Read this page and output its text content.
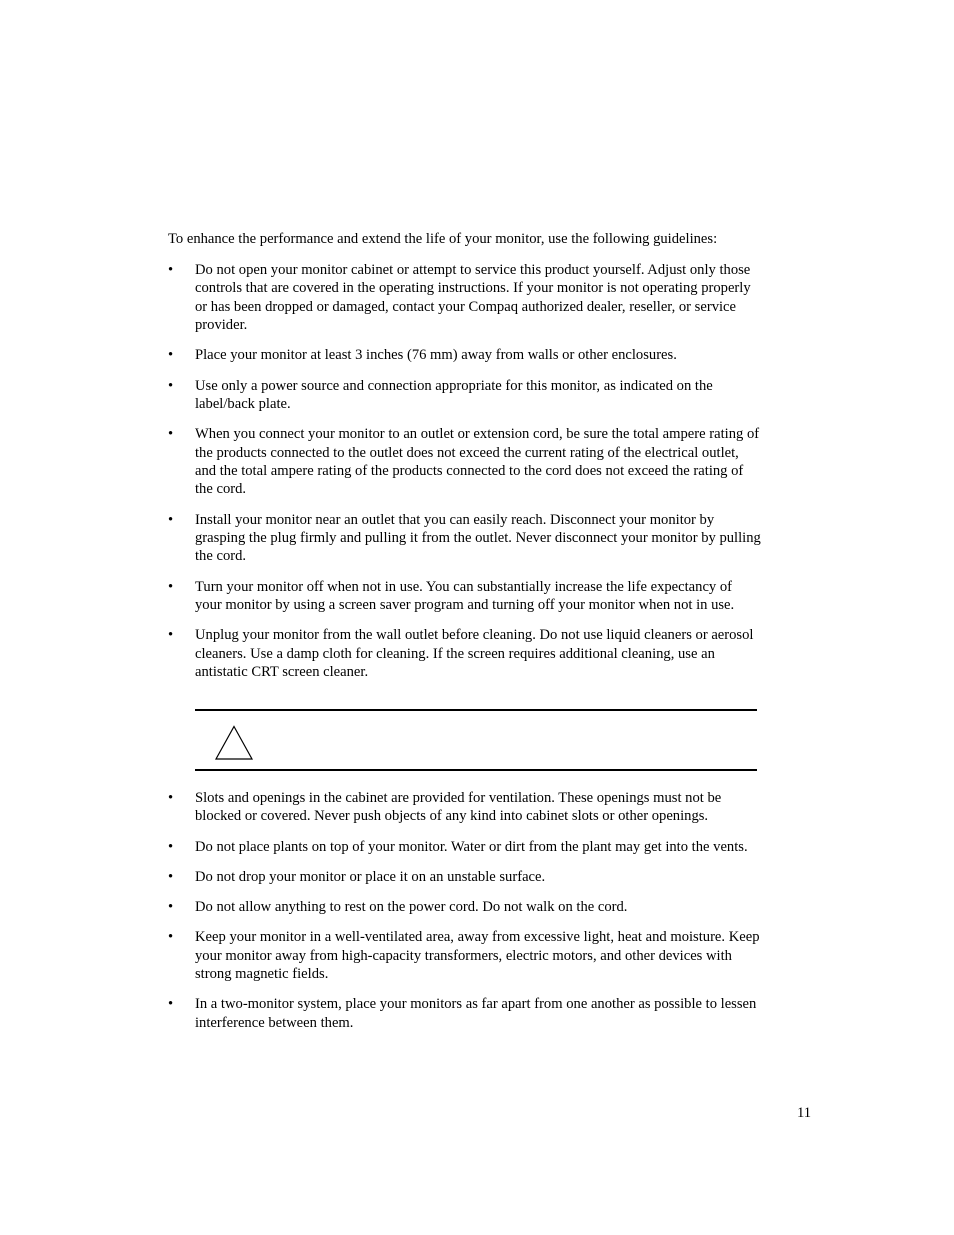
To enhance the performance and extend the life of your monitor, use the following guidelines:

•	Do not open your monitor cabinet or attempt to service this product yourself. Adjust only those controls that are covered in the operating instructions. If your monitor is not operating properly or has been dropped or damaged, contact your Compaq authorized dealer, reseller, or service provider.
•	Place your monitor at least 3 inches (76 mm) away from walls or other enclosures.
•	Use only a power source and connection appropriate for this monitor, as indicated on the label/back plate.
•	When you connect your monitor to an outlet or extension cord, be sure the total ampere rating of the products connected to the outlet does not exceed the current rating of the electrical outlet, and the total ampere rating of the products connected to the cord does not exceed the rating of the cord.
•	Install your monitor near an outlet that you can easily reach. Disconnect your monitor by grasping the plug firmly and pulling it from the outlet. Never disconnect your monitor by pulling the cord.
•	Turn your monitor off when not in use. You can substantially increase the life expectancy of your monitor by using a screen saver program and turning off your monitor when not in use.
•	Unplug your monitor from the wall outlet before cleaning. Do not use liquid cleaners or aerosol cleaners. Use a damp cloth for cleaning. If the screen requires additional cleaning, use an antistatic CRT screen cleaner.
•	Slots and openings in the cabinet are provided for ventilation. These openings must not be blocked or covered. Never push objects of any kind into cabinet slots or other openings.
•	Do not place plants on top of your monitor. Water or dirt from the plant may get into the vents.
•	Do not drop your monitor or place it on an unstable surface.
•	Do not allow anything to rest on the power cord. Do not walk on the cord.
•	Keep your monitor in a well-ventilated area, away from excessive light, heat and moisture. Keep your monitor away from high-capacity transformers, electric motors, and other devices with strong magnetic fields.
•	In a two-monitor system, place your monitors as far apart from one another as possible to lessen interference between them.

11
